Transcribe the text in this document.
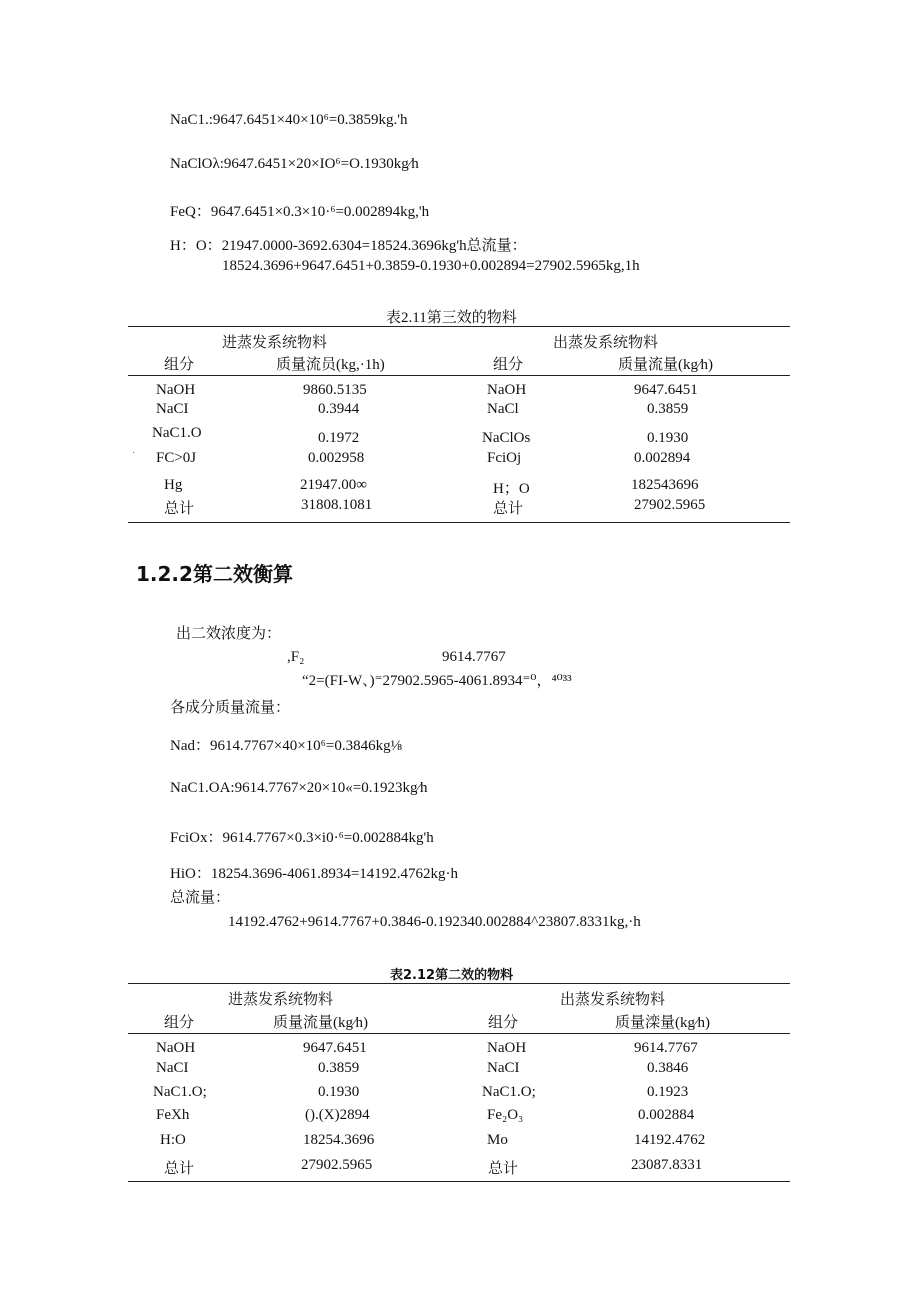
NaC1.:9647.6451×40×10⁶=0.3859kg.'h
NaClOλ:9647.6451×20×IO⁶=O.1930kg⁄h
FeQ：9647.6451×0.3×10·⁶=0.002894kg,'h
H：O：21947.0000-3692.6304=18524.3696kg'h总流量：
18524.3696+9647.6451+0.3859-0.1930+0.002894=27902.5965kg,1h
表2.11第三效的物料
进蒸发系统物料	出蒸发系统物料
组分	质量流员(kg,·1h)	组分	质量流量(kg⁄h)
NaOH	9860.5135	NaOH	9647.6451
NaCI	0.3944	NaCl	0.3859
NaC1.O	0.1972	NaClOs	0.1930
· FC>0J	0.002958	FciOj	0.002894
Hg	21947.00∞	H；O	182543696
总计	31808.1081	总计	27902.5965
1.2.2第二效衡算
出二效浓度为：
,F₂	9614.7767
“2=(FI-W、)⁼27902.5965-4061.8934⁼⁰，⁴⁰³³
各成分质量流量：
Nad：9614.7767×40×10⁶=0.3846kg⅛
NaC1.OA:9614.7767×20×10«=0.1923kg⁄h
FciOx：9614.7767×0.3×i0·⁶=0.002884kg'h
HiO：18254.3696-4061.8934=14192.4762kg·h
总流量：
14192.4762+9614.7767+0.3846-0.192340.002884^23807.8331kg,·h
表2.12第二效的物料
进蒸发系统物料	出蒸发系统物料
组分	质量流量(kg⁄h)	组分	质量滦量(kg⁄h)
NaOH	9647.6451	NaOH	9614.7767
NaCI	0.3859	NaCI	0.3846
NaC1.O;	0.1930	NaC1.O;	0.1923
FeXh	().(X)2894	Fe₂O₃	0.002884
H:O	18254.3696	Mo	14192.4762
总计	27902.5965	总计	23087.8331
